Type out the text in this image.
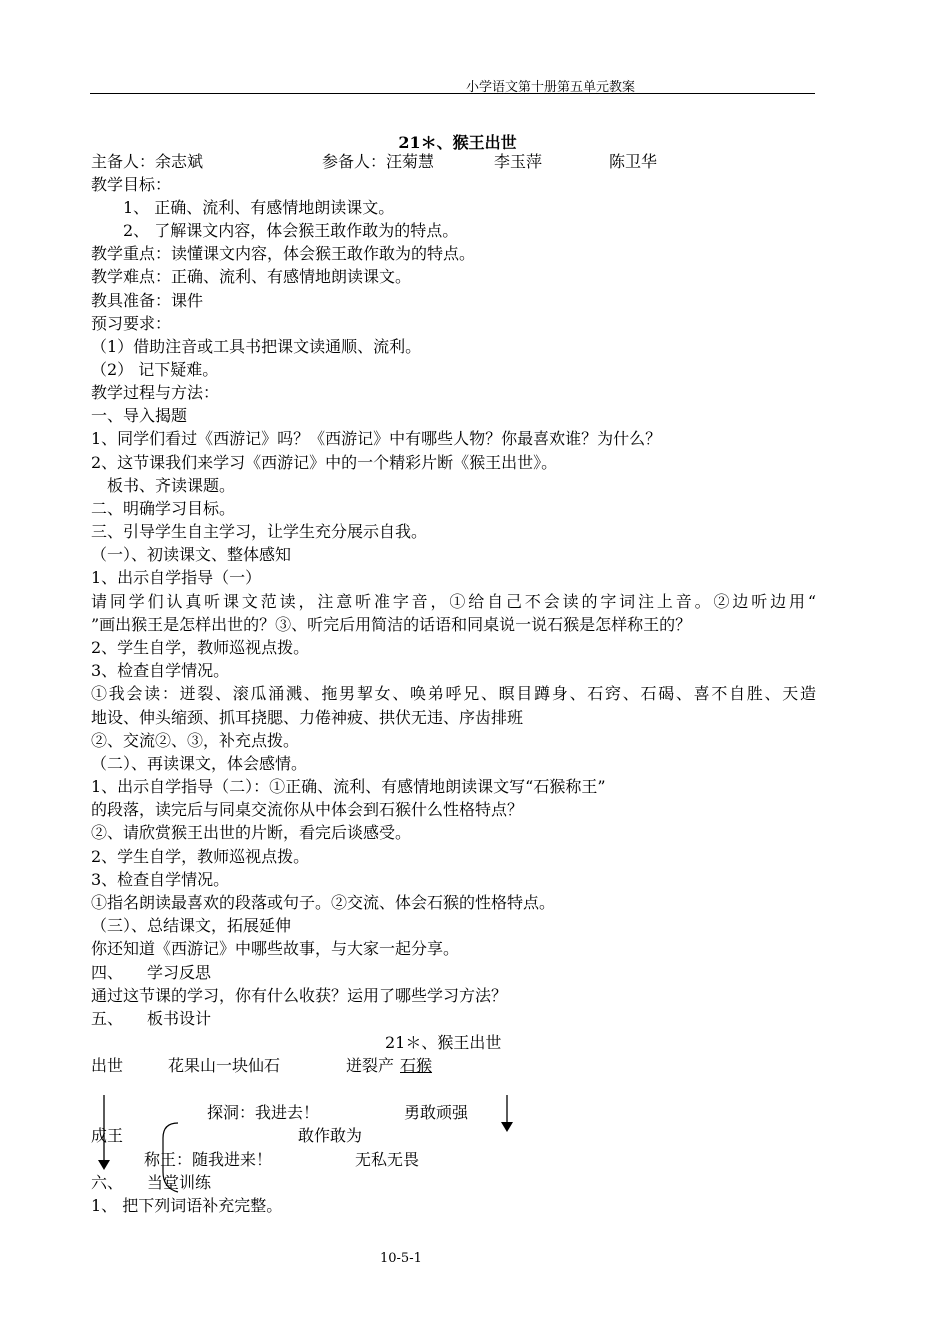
小学语文第十册第五单元教案
21＊、猴王出世
主备人：余志斌	参备人：汪菊慧	李玉萍	陈卫华
教学目标：
1、 正确、流利、有感情地朗读课文。
2、 了解课文内容，体会猴王敢作敢为的特点。
教学重点：读懂课文内容，体会猴王敢作敢为的特点。
教学难点：正确、流利、有感情地朗读课文。
教具准备：课件
预习要求：
（1）借助注音或工具书把课文读通顺、流利。
（2） 记下疑难。
教学过程与方法：
一、导入揭题
1、同学们看过《西游记》吗？《西游记》中有哪些人物？你最喜欢谁？为什么？
2、这节课我们来学习《西游记》中的一个精彩片断《猴王出世》。
板书、齐读课题。
二、明确学习目标。
三、引导学生自主学习，让学生充分展示自我。
（一）、初读课文、整体感知
1、出示自学指导（一）
请同学们认真听课文范读，注意听准字音，①给自己不会读的字词注上音。②边听边用“
”画出猴王是怎样出世的？③、听完后用简洁的话语和同桌说一说石猴是怎样称王的？
2、学生自学，教师巡视点拨。
3、检查自学情况。
①我会读：迸裂、滚瓜涌溅、拖男挈女、唤弟呼兄、瞑目蹲身、石窍、石碣、喜不自胜、天造
地设、伸头缩颈、抓耳挠腮、力倦神疲、拱伏无违、序齿排班
②、交流②、③，补充点拨。
（二）、再读课文，体会感情。
1、出示自学指导（二）：①正确、流利、有感情地朗读课文写“石猴称王”
的段落，读完后与同桌交流你从中体会到石猴什么性格特点？
②、请欣赏猴王出世的片断，看完后谈感受。
2、学生自学，教师巡视点拨。
3、检查自学情况。
①指名朗读最喜欢的段落或句子。②交流、体会石猴的性格特点。
（三）、总结课文，拓展延伸
你还知道《西游记》中哪些故事，与大家一起分享。
四、　　学习反思
通过这节课的学习，你有什么收获？运用了哪些学习方法？
五、　　板书设计
21＊、猴王出世
出世	花果山一块仙石	迸裂产 石猴
探洞：我进去！	勇敢顽强
成王	敢作敢为
称王：随我进来！	无私无畏
六、　　当堂训练
1、 把下列词语补充完整。
10-5-1
